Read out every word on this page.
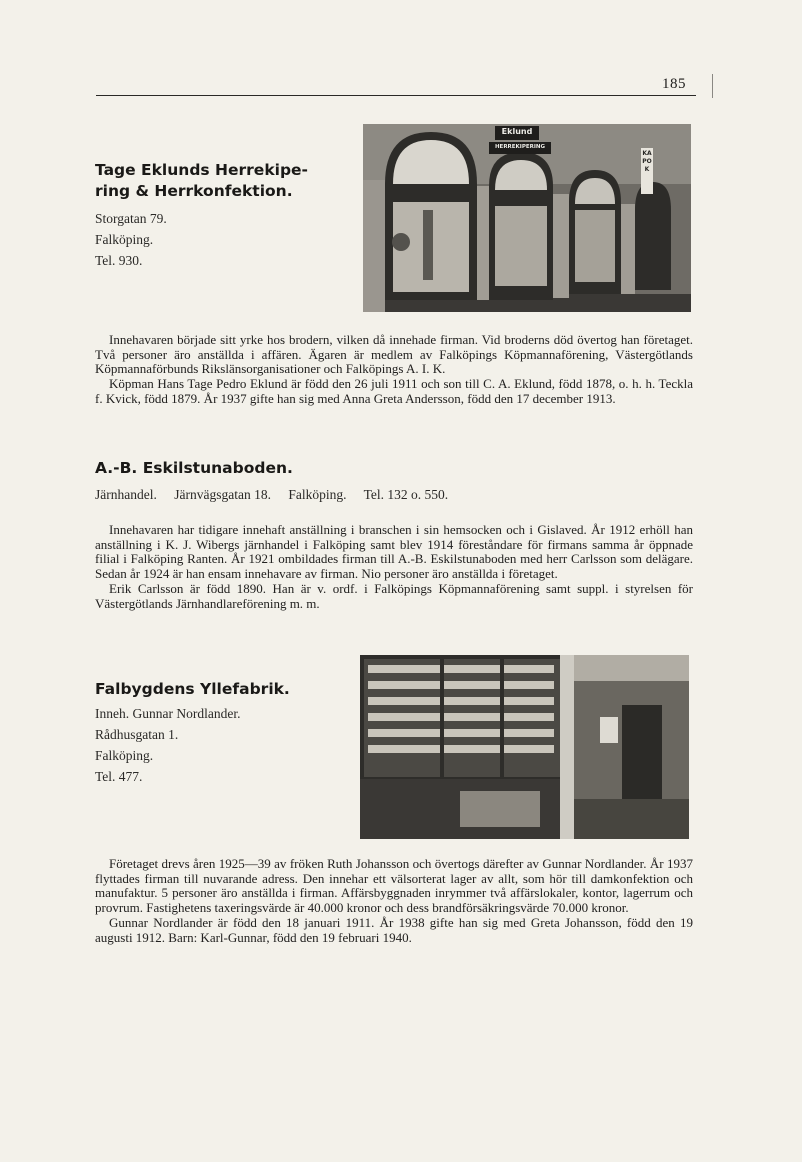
185
Tage Eklunds Herrekipe-
ring & Herrkonfektion.
Storgatan 79.
Falköping.
Tel. 930.
Eklund
HERREKIPERING
KAPOK

Innehavaren började sitt yrke hos brodern, vilken då innehade firman. Vid broderns död övertog han företaget. Två personer äro anställda i affären. Ägaren är medlem av Falköpings Köpmannaförening, Västergötlands Köpmannaförbunds Rikslänsorganisationer och Falköpings A. I. K.

Köpman Hans Tage Pedro Eklund är född den 26 juli 1911 och son till C. A. Eklund, född 1878, o. h. h. Teckla f. Kvick, född 1879. År 1937 gifte han sig med Anna Greta Andersson, född den 17 december 1913.

A.-B. Eskilstunaboden.
Järnhandel. Järnvägsgatan 18. Falköping. Tel. 132 o. 550.

Innehavaren har tidigare innehaft anställning i branschen i sin hemsocken och i Gislaved. År 1912 erhöll han anställning i K. J. Wibergs järnhandel i Falköping samt blev 1914 föreståndare för firmans samma år öppnade filial i Falköping Ranten. År 1921 ombildades firman till A.-B. Eskilstunaboden med herr Carlsson som delägare. Sedan år 1924 är han ensam innehavare av firman. Nio personer äro anställda i företaget.

Erik Carlsson är född 1890. Han är v. ordf. i Falköpings Köpmannaförening samt suppl. i styrelsen för Västergötlands Järnhandlareförening m. m.

Falbygdens Yllefabrik.
Inneh. Gunnar Nordlander.
Rådhusgatan 1.
Falköping.
Tel. 477.

Företaget drevs åren 1925—39 av fröken Ruth Johansson och övertogs därefter av Gunnar Nordlander. År 1937 flyttades firman till nuvarande adress. Den innehar ett välsorterat lager av allt, som hör till damkonfektion och manufaktur. 5 personer äro anställda i firman. Affärsbyggnaden inrymmer två affärslokaler, kontor, lagerrum och provrum. Fastighetens taxeringsvärde är 40.000 kronor och dess brandförsäkringsvärde 70.000 kronor.

Gunnar Nordlander är född den 18 januari 1911. År 1938 gifte han sig med Greta Johansson, född den 19 augusti 1912. Barn: Karl-Gunnar, född den 19 februari 1940.
